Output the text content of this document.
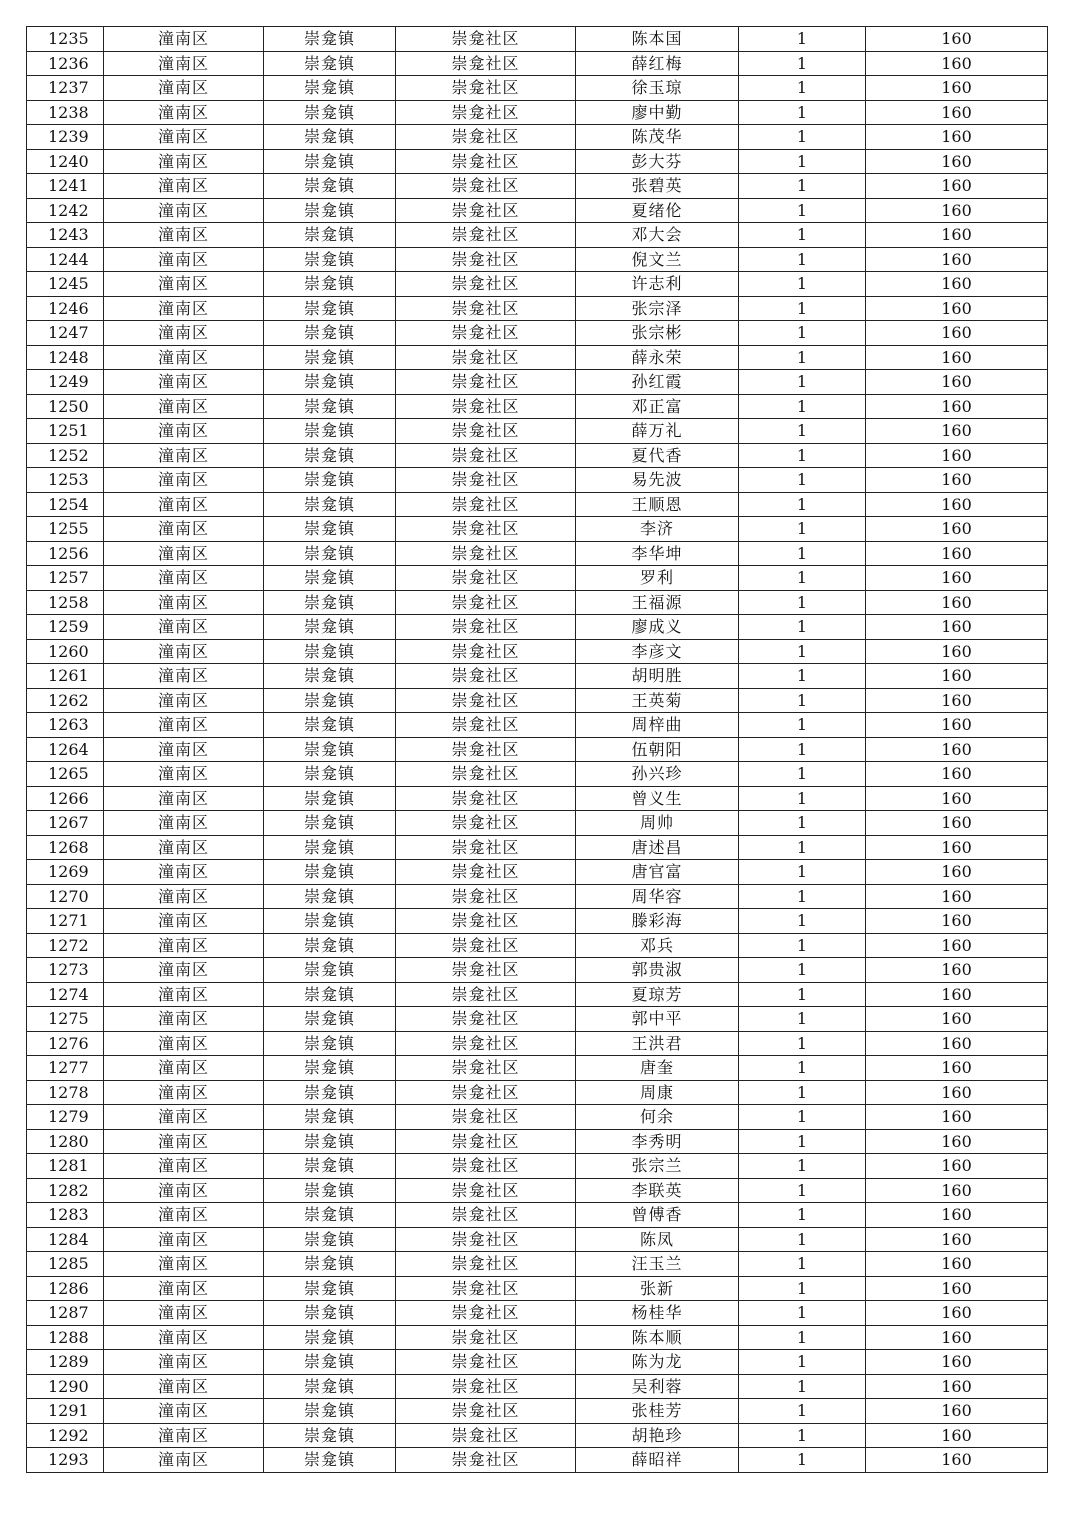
1235	潼南区	崇龛镇	崇龛社区	陈本国	1	160
1236	潼南区	崇龛镇	崇龛社区	薛红梅	1	160
1237	潼南区	崇龛镇	崇龛社区	徐玉琼	1	160
1238	潼南区	崇龛镇	崇龛社区	廖中勤	1	160
1239	潼南区	崇龛镇	崇龛社区	陈茂华	1	160
1240	潼南区	崇龛镇	崇龛社区	彭大芬	1	160
1241	潼南区	崇龛镇	崇龛社区	张碧英	1	160
1242	潼南区	崇龛镇	崇龛社区	夏绪伦	1	160
1243	潼南区	崇龛镇	崇龛社区	邓大会	1	160
1244	潼南区	崇龛镇	崇龛社区	倪文兰	1	160
1245	潼南区	崇龛镇	崇龛社区	许志利	1	160
1246	潼南区	崇龛镇	崇龛社区	张宗泽	1	160
1247	潼南区	崇龛镇	崇龛社区	张宗彬	1	160
1248	潼南区	崇龛镇	崇龛社区	薛永荣	1	160
1249	潼南区	崇龛镇	崇龛社区	孙红霞	1	160
1250	潼南区	崇龛镇	崇龛社区	邓正富	1	160
1251	潼南区	崇龛镇	崇龛社区	薛万礼	1	160
1252	潼南区	崇龛镇	崇龛社区	夏代香	1	160
1253	潼南区	崇龛镇	崇龛社区	易先波	1	160
1254	潼南区	崇龛镇	崇龛社区	王顺恩	1	160
1255	潼南区	崇龛镇	崇龛社区	李济	1	160
1256	潼南区	崇龛镇	崇龛社区	李华坤	1	160
1257	潼南区	崇龛镇	崇龛社区	罗利	1	160
1258	潼南区	崇龛镇	崇龛社区	王福源	1	160
1259	潼南区	崇龛镇	崇龛社区	廖成义	1	160
1260	潼南区	崇龛镇	崇龛社区	李彦文	1	160
1261	潼南区	崇龛镇	崇龛社区	胡明胜	1	160
1262	潼南区	崇龛镇	崇龛社区	王英菊	1	160
1263	潼南区	崇龛镇	崇龛社区	周梓曲	1	160
1264	潼南区	崇龛镇	崇龛社区	伍朝阳	1	160
1265	潼南区	崇龛镇	崇龛社区	孙兴珍	1	160
1266	潼南区	崇龛镇	崇龛社区	曾义生	1	160
1267	潼南区	崇龛镇	崇龛社区	周帅	1	160
1268	潼南区	崇龛镇	崇龛社区	唐述昌	1	160
1269	潼南区	崇龛镇	崇龛社区	唐官富	1	160
1270	潼南区	崇龛镇	崇龛社区	周华容	1	160
1271	潼南区	崇龛镇	崇龛社区	滕彩海	1	160
1272	潼南区	崇龛镇	崇龛社区	邓兵	1	160
1273	潼南区	崇龛镇	崇龛社区	郭贵淑	1	160
1274	潼南区	崇龛镇	崇龛社区	夏琼芳	1	160
1275	潼南区	崇龛镇	崇龛社区	郭中平	1	160
1276	潼南区	崇龛镇	崇龛社区	王洪君	1	160
1277	潼南区	崇龛镇	崇龛社区	唐奎	1	160
1278	潼南区	崇龛镇	崇龛社区	周康	1	160
1279	潼南区	崇龛镇	崇龛社区	何余	1	160
1280	潼南区	崇龛镇	崇龛社区	李秀明	1	160
1281	潼南区	崇龛镇	崇龛社区	张宗兰	1	160
1282	潼南区	崇龛镇	崇龛社区	李联英	1	160
1283	潼南区	崇龛镇	崇龛社区	曾傅香	1	160
1284	潼南区	崇龛镇	崇龛社区	陈凤	1	160
1285	潼南区	崇龛镇	崇龛社区	汪玉兰	1	160
1286	潼南区	崇龛镇	崇龛社区	张新	1	160
1287	潼南区	崇龛镇	崇龛社区	杨桂华	1	160
1288	潼南区	崇龛镇	崇龛社区	陈本顺	1	160
1289	潼南区	崇龛镇	崇龛社区	陈为龙	1	160
1290	潼南区	崇龛镇	崇龛社区	吴利蓉	1	160
1291	潼南区	崇龛镇	崇龛社区	张桂芳	1	160
1292	潼南区	崇龛镇	崇龛社区	胡艳珍	1	160
1293	潼南区	崇龛镇	崇龛社区	薛昭祥	1	160
